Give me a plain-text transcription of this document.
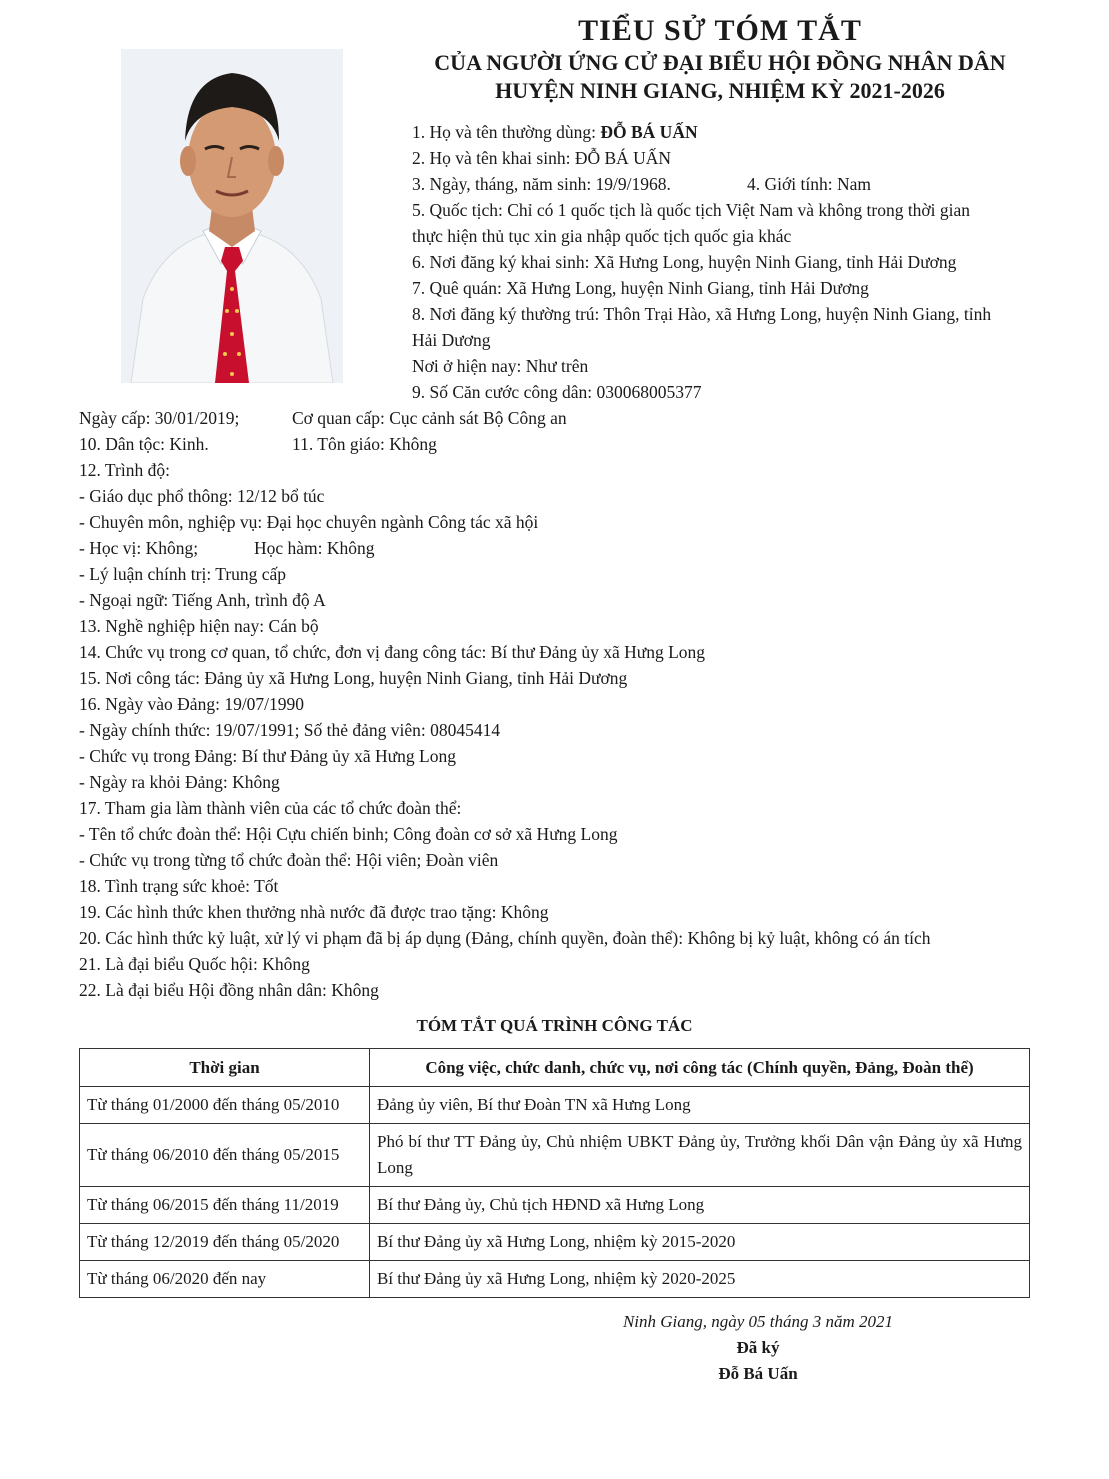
TIỂU SỬ TÓM TẮT
CỦA NGƯỜI ỨNG CỬ ĐẠI BIỂU HỘI ĐỒNG NHÂN DÂN
HUYỆN NINH GIANG, NHIỆM KỲ 2021-2026
1. Họ và tên thường dùng: ĐỖ BÁ UẤN
2. Họ và tên khai sinh: ĐỖ BÁ UẤN
3. Ngày, tháng, năm sinh: 19/9/1968.	4. Giới tính: Nam
5. Quốc tịch: Chỉ có 1 quốc tịch là quốc tịch Việt Nam và không trong thời gian
thực hiện thủ tục xin gia nhập quốc tịch quốc gia khác
6. Nơi đăng ký khai sinh: Xã Hưng Long, huyện Ninh Giang, tỉnh Hải Dương
7. Quê quán: Xã Hưng Long, huyện Ninh Giang, tỉnh Hải Dương
8. Nơi đăng ký thường trú: Thôn Trại Hào, xã Hưng Long, huyện Ninh Giang, tỉnh
Hải Dương
Nơi ở hiện nay: Như trên
9. Số Căn cước công dân: 030068005377
Ngày cấp: 30/01/2019;	Cơ quan cấp: Cục cảnh sát Bộ Công an
10. Dân tộc: Kinh.	11. Tôn giáo: Không
12. Trình độ:
- Giáo dục phổ thông: 12/12 bổ túc
- Chuyên môn, nghiệp vụ: Đại học chuyên ngành Công tác xã hội
- Học vị: Không;	Học hàm: Không
- Lý luận chính trị: Trung cấp
- Ngoại ngữ: Tiếng Anh, trình độ A
13. Nghề nghiệp hiện nay: Cán bộ
14. Chức vụ trong cơ quan, tổ chức, đơn vị đang công tác: Bí thư Đảng ủy xã Hưng Long
15. Nơi công tác: Đảng ủy xã Hưng Long, huyện Ninh Giang, tỉnh Hải Dương
16. Ngày vào Đảng: 19/07/1990
- Ngày chính thức: 19/07/1991; Số thẻ đảng viên: 08045414
- Chức vụ trong Đảng: Bí thư Đảng ủy xã Hưng Long
- Ngày ra khỏi Đảng: Không
17. Tham gia làm thành viên của các tổ chức đoàn thể:
- Tên tổ chức đoàn thể: Hội Cựu chiến binh; Công đoàn cơ sở xã Hưng Long
- Chức vụ trong từng tổ chức đoàn thể: Hội viên; Đoàn viên
18. Tình trạng sức khoẻ: Tốt
19. Các hình thức khen thưởng nhà nước đã được trao tặng: Không
20. Các hình thức kỷ luật, xử lý vi phạm đã bị áp dụng (Đảng, chính quyền, đoàn thể): Không bị kỷ luật, không có án tích
21. Là đại biểu Quốc hội: Không
22. Là đại biểu Hội đồng nhân dân: Không
TÓM TẮT QUÁ TRÌNH CÔNG TÁC
Thời gian	Công việc, chức danh, chức vụ, nơi công tác (Chính quyền, Đảng, Đoàn thể)
Từ tháng 01/2000 đến tháng 05/2010	Đảng ủy viên, Bí thư Đoàn TN xã Hưng Long
Từ tháng 06/2010 đến tháng 05/2015	Phó bí thư TT Đảng ủy, Chủ nhiệm UBKT Đảng ủy, Trưởng khối Dân vận Đảng ủy xã Hưng Long
Từ tháng 06/2015 đến tháng 11/2019	Bí thư Đảng ủy, Chủ tịch HĐND xã Hưng Long
Từ tháng 12/2019 đến tháng 05/2020	Bí thư Đảng ủy xã Hưng Long, nhiệm kỳ 2015-2020
Từ tháng 06/2020 đến nay	Bí thư Đảng ủy xã Hưng Long, nhiệm kỳ 2020-2025
Ninh Giang, ngày 05 tháng 3 năm 2021
Đã ký
Đỗ Bá Uấn
